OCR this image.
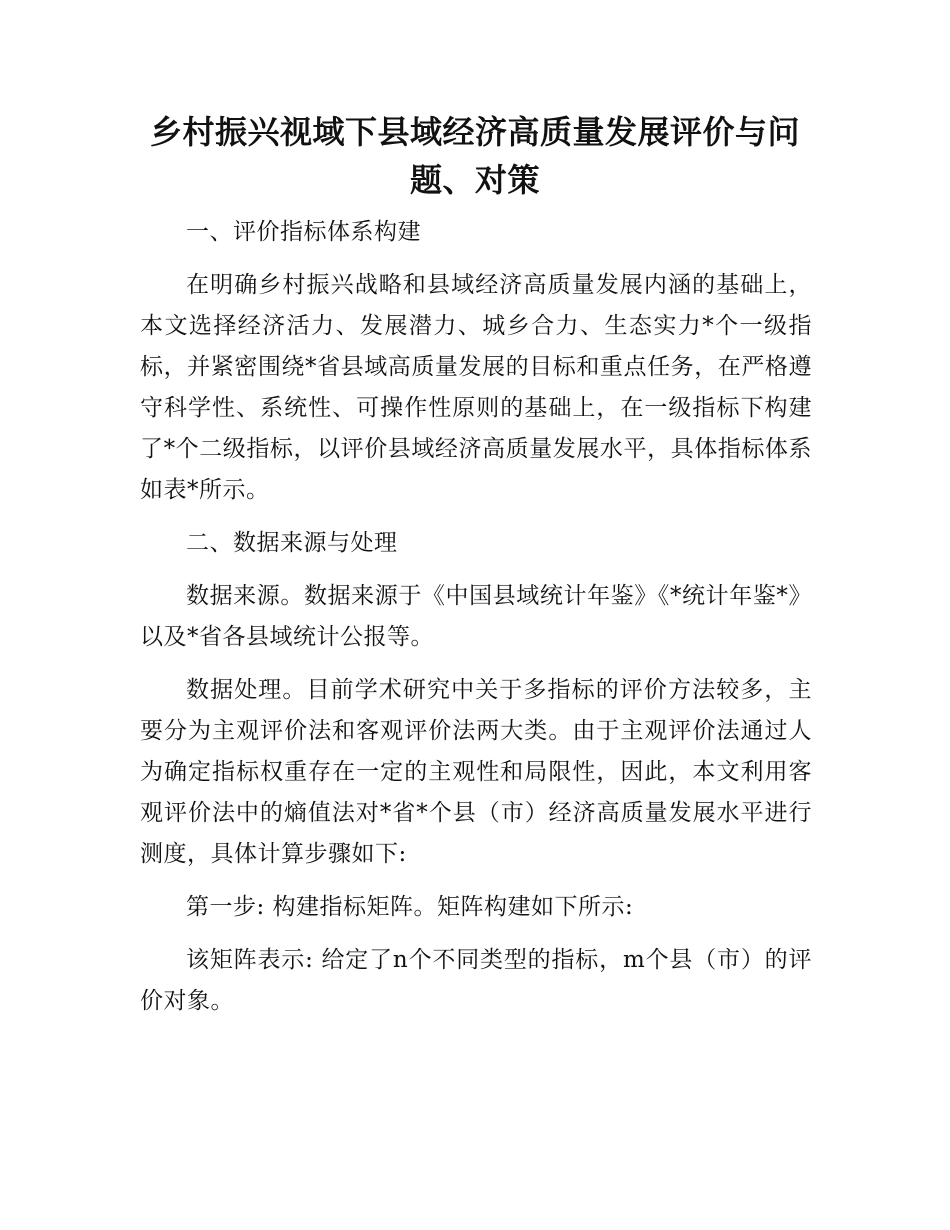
乡村振兴视域下县域经济高质量发展评价与问题、对策

一、评价指标体系构建

在明确乡村振兴战略和县域经济高质量发展内涵的基础上，本文选择经济活力、发展潜力、城乡合力、生态实力*个一级指标，并紧密围绕*省县域高质量发展的目标和重点任务，在严格遵守科学性、系统性、可操作性原则的基础上，在一级指标下构建了*个二级指标，以评价县域经济高质量发展水平，具体指标体系如表*所示。

二、数据来源与处理

数据来源。数据来源于《中国县域统计年鉴》《*统计年鉴*》以及*省各县域统计公报等。

数据处理。目前学术研究中关于多指标的评价方法较多，主要分为主观评价法和客观评价法两大类。由于主观评价法通过人为确定指标权重存在一定的主观性和局限性，因此，本文利用客观评价法中的熵值法对*省*个县（市）经济高质量发展水平进行测度，具体计算步骤如下:

第一步: 构建指标矩阵。矩阵构建如下所示:

该矩阵表示: 给定了n个不同类型的指标，m个县（市）的评价对象。
